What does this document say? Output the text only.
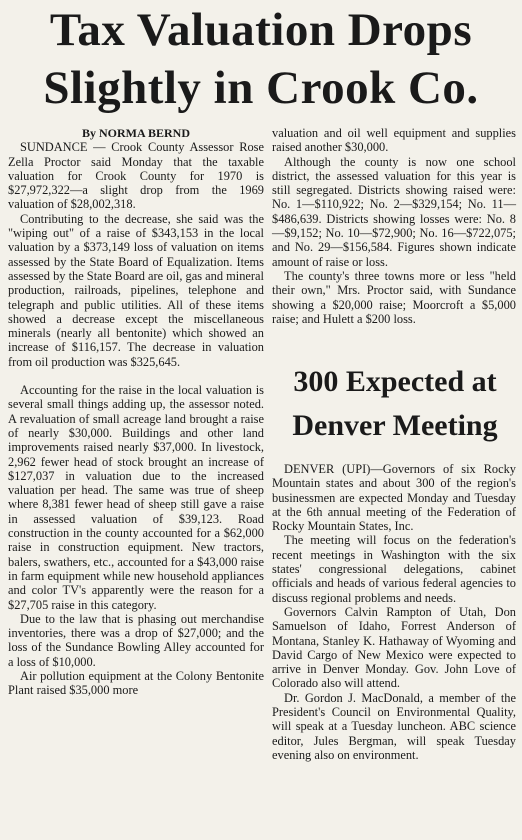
Tax Valuation Drops
Slightly in Crook Co.

By NORMA BERND

SUNDANCE — Crook County Assessor Rose Zella Proctor said Monday that the taxable valuation for Crook County for 1970 is $27,972,322—a slight drop from the 1969 valuation of $28,002,318.

Contributing to the decrease, she said was the "wiping out" of a raise of $343,153 in the local valuation by a $373,149 loss of valuation on items assessed by the State Board of Equalization. Items assessed by the State Board are oil, gas and mineral production, railroads, pipelines, telephone and telegraph and public utilities. All of these items showed a decrease except the miscellaneous minerals (nearly all bentonite) which showed an increase of $116,157. The decrease in valuation from oil production was $325,645.

Accounting for the raise in the local valuation is several small things adding up, the assessor noted. A revaluation of small acreage land brought a raise of nearly $30,000. Buildings and other land improvements raised nearly $37,000. In livestock, 2,962 fewer head of stock brought an increase of $127,037 in valuation due to the increased valuation per head. The same was true of sheep where 8,381 fewer head of sheep still gave a raise in assessed valuation of $39,123. Road construction in the county accounted for a $62,000 raise in construction equipment. New tractors, balers, swathers, etc., accounted for a $43,000 raise in farm equipment while new household appliances and color TV's apparently were the reason for a $27,705 raise in this category.

Due to the law that is phasing out merchandise inventories, there was a drop of $27,000; and the loss of the Sundance Bowling Alley accounted for a loss of $10,000.

Air pollution equipment at the Colony Bentonite Plant raised $35,000 more

valuation and oil well equipment and supplies raised another $30,000.

Although the county is now one school district, the assessed valuation for this year is still segregated. Districts showing raised were: No. 1—$110,922; No. 2—$329,154; No. 11—$486,639. Districts showing losses were: No. 8—$9,152; No. 10—$72,900; No. 16—$722,075; and No. 29—$156,584. Figures shown indicate amount of raise or loss.

The county's three towns more or less "held their own," Mrs. Proctor said, with Sundance showing a $20,000 raise; Moorcroft a $5,000 raise; and Hulett a $200 loss.

300 Expected at
Denver Meeting

DENVER (UPI)—Governors of six Rocky Mountain states and about 300 of the region's businessmen are expected Monday and Tuesday at the 6th annual meeting of the Federation of Rocky Mountain States, Inc.

The meeting will focus on the federation's recent meetings in Washington with the six states' congressional delegations, cabinet officials and heads of various federal agencies to discuss regional problems and needs.

Governors Calvin Rampton of Utah, Don Samuelson of Idaho, Forrest Anderson of Montana, Stanley K. Hathaway of Wyoming and David Cargo of New Mexico were expected to arrive in Denver Monday. Gov. John Love of Colorado also will attend.

Dr. Gordon J. MacDonald, a member of the President's Council on Environmental Quality, will speak at a Tuesday luncheon. ABC science editor, Jules Bergman, will speak Tuesday evening also on environment.
